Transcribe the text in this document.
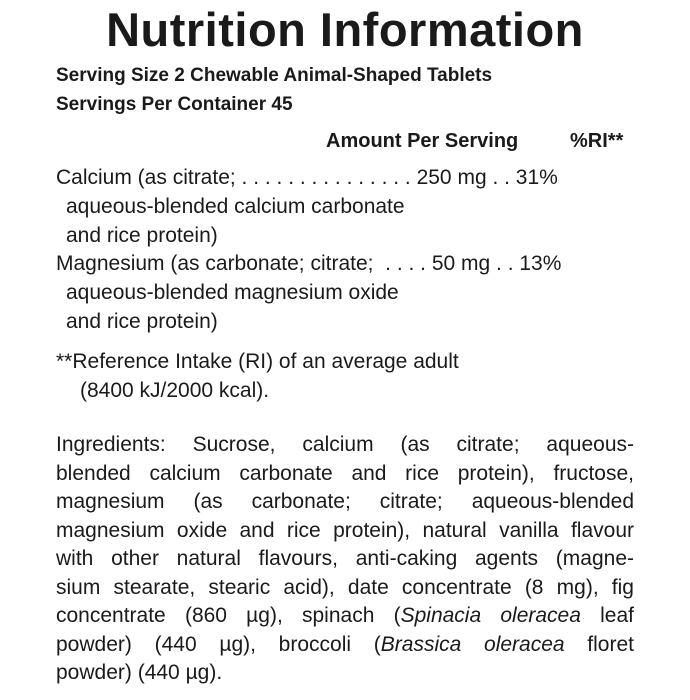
Nutrition Information
Serving Size 2 Chewable Animal-Shaped Tablets
Servings Per Container 45
Amount Per Serving	%RI**
Calcium (as citrate; . . . . . . . . . . . . . . . 250 mg . . 31%
aqueous-blended calcium carbonate
and rice protein)
Magnesium (as carbonate; citrate;  . . . . 50 mg . . 13%
aqueous-blended magnesium oxide
and rice protein)
**Reference Intake (RI) of an average adult
(8400 kJ/2000 kcal).
Ingredients: Sucrose, calcium (as citrate; aqueous-
blended calcium carbonate and rice protein), fructose,
magnesium (as carbonate; citrate; aqueous-blended
magnesium oxide and rice protein), natural vanilla flavour
with other natural flavours, anti-caking agents (magne-
sium stearate, stearic acid), date concentrate (8 mg), fig
concentrate (860 µg), spinach (Spinacia oleracea leaf
powder) (440 µg), broccoli (Brassica oleracea floret
powder) (440 µg).
